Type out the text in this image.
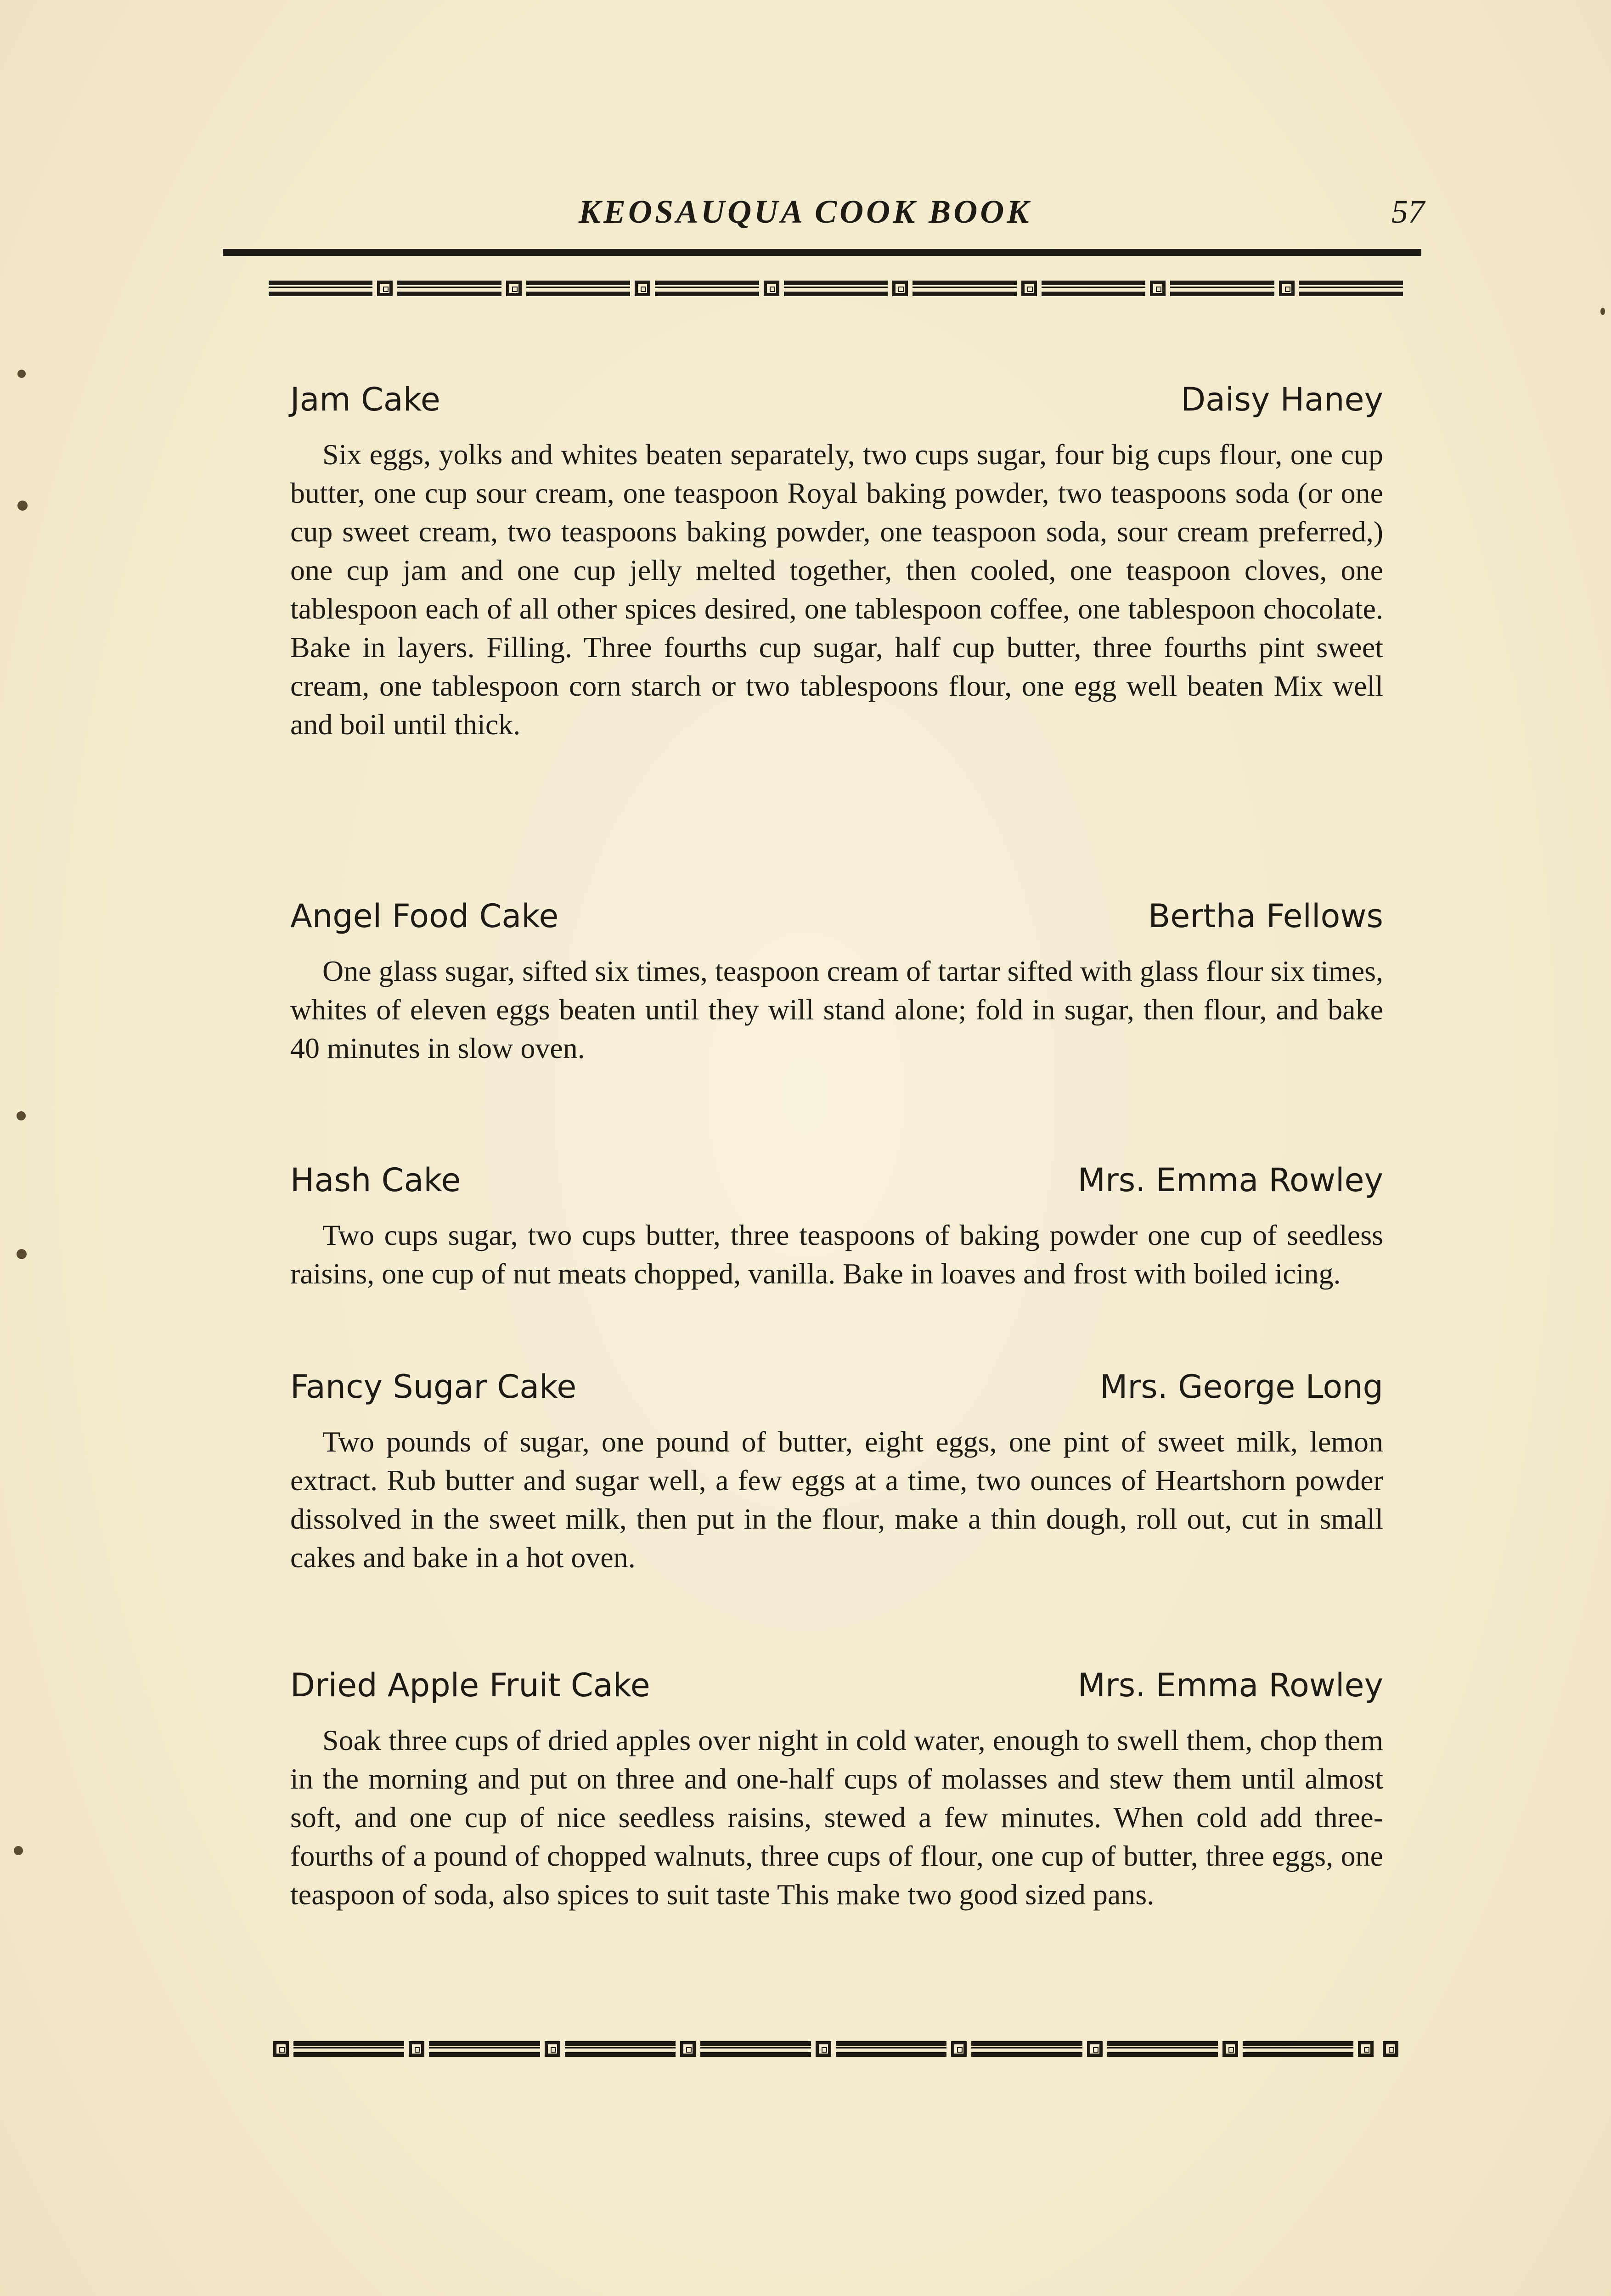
KEOSAUQUA COOK BOOK	57
Jam Cake	Daisy Haney
Six eggs, yolks and whites beaten separately, two cups sugar, four big cups flour, one cup butter, one cup sour cream, one teaspoon Royal baking powder, two teaspoons soda (or one cup sweet cream, two teaspoons baking powder, one teaspoon soda, sour cream preferred,) one cup jam and one cup jelly melted together, then cooled, one teaspoon cloves, one tablespoon each of all other spices desired, one tablespoon coffee, one tablespoon chocolate. Bake in layers. Filling. Three fourths cup sugar, half cup butter, three fourths pint sweet cream, one tablespoon corn starch or two tablespoons flour, one egg well beaten Mix well and boil until thick.
Angel Food Cake	Bertha Fellows
One glass sugar, sifted six times, teaspoon cream of tartar sifted with glass flour six times, whites of eleven eggs beaten until they will stand alone; fold in sugar, then flour, and bake 40 minutes in slow oven.
Hash Cake	Mrs. Emma Rowley
Two cups sugar, two cups butter, three teaspoons of baking powder one cup of seedless raisins, one cup of nut meats chopped, vanilla. Bake in loaves and frost with boiled icing.
Fancy Sugar Cake	Mrs. George Long
Two pounds of sugar, one pound of butter, eight eggs, one pint of sweet milk, lemon extract. Rub butter and sugar well, a few eggs at a time, two ounces of Heartshorn powder dissolved in the sweet milk, then put in the flour, make a thin dough, roll out, cut in small cakes and bake in a hot oven.
Dried Apple Fruit Cake	Mrs. Emma Rowley
Soak three cups of dried apples over night in cold water, enough to swell them, chop them in the morning and put on three and one-half cups of molasses and stew them until almost soft, and one cup of nice seedless raisins, stewed a few minutes. When cold add three-fourths of a pound of chopped walnuts, three cups of flour, one cup of butter, three eggs, one teaspoon of soda, also spices to suit taste This make two good sized pans.
